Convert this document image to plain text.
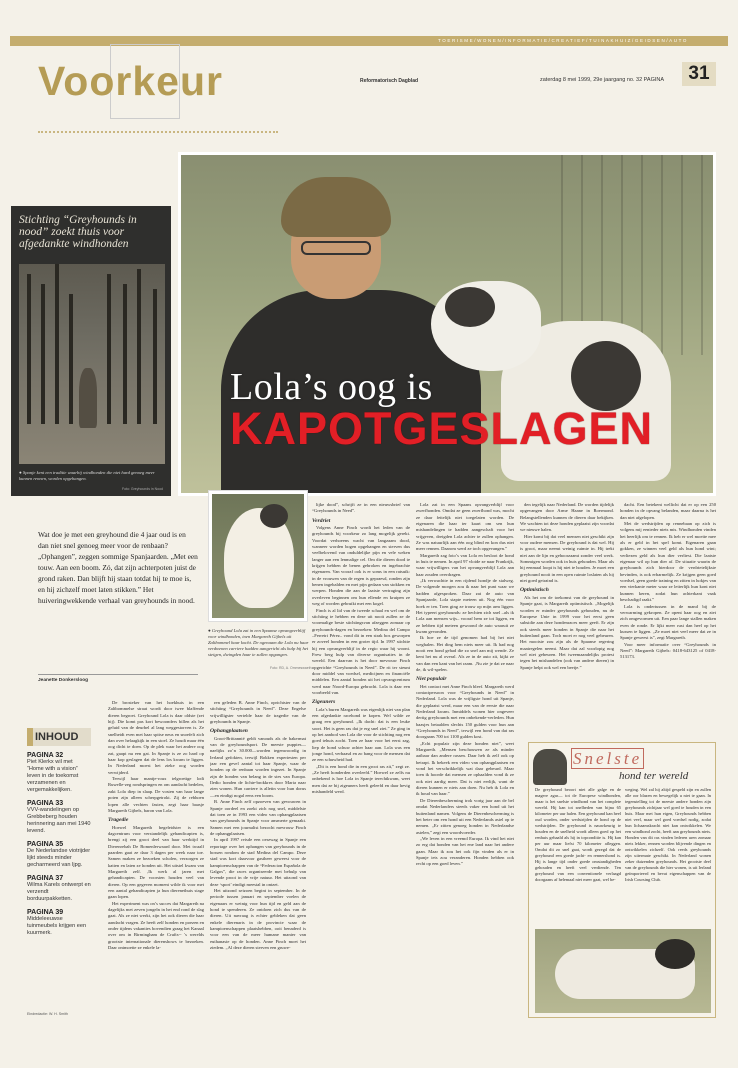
TOERISME/WONEN/INFORMATIE/CREATIEF/TUINAKHUIZ/GEIDSEN/AUTO
Voorkeur	Reformatorisch Dagblad	zaterdag 8 mei 1999, 29e jaargang no. 32 PAGINA	31
Stichting “Greyhounds in nood” zoekt thuis voor afgedankte windhonden
● Spanje kent een traditie waarbij windhonden die niet hard genoeg meer kunnen rennen, worden opgehangen.
Foto: Greyhounds in Nood
Lola’s oog is
KAPOTGESLAGEN
● Greyhound Lola zat in een Spaanse opvangverblijf voor windhonden, toen Margareth Gijbels uit Zaltbommel haar kocht. De ogenaam die Lola nu haar verdwenen carriere hadden aangericht als hulp bij het steigen, dwingden haar te zullen opgangen.
Foto: RD, A. Ommeswaeth
Wat doe je met een greyhound die 4 jaar oud is en dan niet snel genoeg meer voor de renbaan? „Ophangen”, zeggen sommige Spanjaarden. „Met een touw. Aan een boom. Zó, dat zijn achterpoten juist de grond raken. Dan blijft hij staan totdat hij te moe is, en hij zichzelf moet laten stikken.” Het huiveringwekkende verhaal van greyhounds in nood.
Jeanette Donkersloog
INHOUD
PAGINA 32
Piet Klerkx wil met “Home with a vision” leven in de toekomst verzamenen en vergemakkelijken.
PAGINA 33
VVV-wandelingen op Grebbeberg houden herinnering aan mei 1940 levend.
PAGINA 35
De Nederlandse viotrijder lijkt steeds minder gecharmeerd van ljpg.
PAGINA 37
Wilma Karels ontwerpt en verzendt borduurpakketten.
PAGINA 39
Middeleeuwse tuinmeubels krijgen een kuurmerk.
Eindredactie: W. H. Smith

De brosteker van het hoekhuis in een Zaltbommelse straat wordt door twee blaffende dieren begroet. Greyhound Lola is daar oldste (zet hij). Die komt pas kort bewoonders billen als het geluid van de deurbel al lang weggestorven is. Ze snelheidt even met haar spitse neus en snoefelt zich dan over helaagkijk in een stoel. Ze houdt maar één oog dicht te doen. Op de plek waar het andere oog zat, gaapt nu een gat. In Spanje is ze zo hard op haar kop geslagen dat de lens los kwam te liggen. In Nederland moest het zieke oog worden verwijderd.

Terwijl haar mantje-roux telgroetige lodi Ruwelle-zeg rondspringen en om aandacht bedelen, zakt Lola diep in slaap. De vosten van haar lange poten zijn alleen scherpgetrokt. Zij de rebhoen lopen alle vechten fasten, zegt haar baasje Margareth Gijbels, baron van Lola.

Tragedie

Hoewel Margareth begeleidster is een dagcentrum voor verstandelijk gehandicapten is, brengt zij een groot deel van haar werktijd in Dierenrebah De Bomenlerwaard door. Met twaalf paarden gaat ze daar 3 dagen per week naar toe. Samen maken ze bezoeken scholen, verzorgen ze katten en laten ze honden uit. Het uitstel kwam van Margareth zelf. ‚Ik werk al jaren met gehandicapten. De voorsten houden veel van dieren. Op een gegeven moment wilde ik voor met een aantal gehandicapten ja hun dierenethuis stage gaan lopen.

Het experiment was on’s succes dat Margareth na dagelijks met zeven jongeln in het end rond de slag gaat. Als ze niet werkt, zijn het ook dieren die haar aandacht vragen. Ze heeft zelf honden en poezen en onder tijdens vakanties bovendien graag het Kanaal over om in Birmingham de Crufts-- 's werelds grootste internationale dierenshows te bezoeken. Daar ontmoette ze enkele la-

ren geleden B. Anne Finch, oprichtster van de stichting “Greyhounds in Need”. Deze Engelse vrijwilligster vertelde haar de tragedie van de greyhounds in Spanje.

Ophangplaatsen

Groot-Brittannië geldt vanouds als de bakermat van de greyhoundsport. De meeste puppies—naelijks zo’n 30.000—worden tegenwoordig in Ierland gefokten, terwijl Bokken experiesten per jaar een gevel aantal tot haar Spanje, waar de honden op de renbaan worden ingezet. In Spanje zijn de honden van belang in de stes van Europa. Iledio honden de lichte-brokkres door Maria naar zien wonen. Hun carriere is alletin voor hun dorus—en eindigt nogal eens een boom.

B. Anne Finch zelf opzoeven van gevouwen in Spanje oordeel en zoekt zich nog snel, middelste dat toen ze in 1993 een video van ophangplaatsen van greyhounds in Spanje voor ansmerte gemaakt. Samen met een journalist bezocht mevrouw Finch de ophangplaatsen.

In april 1997 reisde een oerzwag in Spanje een reportage over het ophangen van greyhounds in de bossen rondom de stad Medina del Campo. Deze stad was kort daarvoor gastheer geweest voor de kampioenschappen van de “Federacion Española de Galgos”, die races organiseerde met behulp van levende prooi in de vrije natuur. Het uitzond van deze ‘sport’ eindigt meestal in ontzet.

Het uitzond seizoen begint in september. In de periode tussen januari en september voelen de eigenaars er weinig voor hun tijd en geld aan de hond te spenderen. Ze ontdoen zich dus van de dieren. Uit navraag is echter gebleken dat geen enkele dierenarts in de provincie waar de kampioenschappen plaatshebben, ooit benaderd is voor een van de meer humane manier van euthanasie op de honden. Anne Finch moet het ziedem. „Al deze dieren sterven een gruwe-

lijke dood”, schrijft ze in een nieuwsbrief van “Greyhounds in Need”.

Verdriet

Volgens Anne Finch wordt het leden van de greyhounds bij voorkeur zo lang mogelijk gerekt. Voordat verhoeens wacht van langzaam dood, wanneer worden bogen opgehangen en sterven dus veelbelovend van onduldelijke pijn en vele weken langer aan een lenmalige cel. Om die dieren dood te krijgen hebben de benen gebroken en ingebrachte eigenaren. Van vooraf ook is er soms in een ratsuik: in de vrouwen van de regen is gepraesd, ronden zijn benen ingebalden en met pijn gedaan van stokken en werpen. Honden die aan de laatste vertraging zijn overleven beginnen om hun ellende en kruipen ze weg of worden gebruikt met een kogel.

Finch is al lid van de tweede schaal en wel om de stichting te hebben en deze uit nooit zullen ze de voormalige beste stichtingsvan afzeggen zomaar op greyhounds-dagen en bezoeken: Medina del Campo –Ferretri Pérez– vond dit in een strak bos geworpen er zoveel honden in een groter tijd. In 1997 stichtte hij een opvangverblijf in de regio waar hij woont. Frew berg hulp van diverse organisaties in de wereld. Een daarvan is het door mevrouw Finch opgerichte “Greyhounds in Need”. De rit ter steunt door middel van voedsel, medicijnen en financiële middelen. Een aantal honden uit het opvangcentrum werd naar Noord-Europa gebracht. Lola is daar een voorbeeld van.

Zigeuners

Lola’s buren Margareth was eigenlijk niet van plan een afgedankte racehond te kopen. Wel wilde ze graag een greyhound. „Ik dacht: dat is een leuke soort. Het is geen ras dat je erg snel ziet.” Ze ging in op het aanbod van Lola die voor de stichting nog een goed tehuis zocht. Toen ze haar voor het eerst zag, liep de hond schuw achter haar aan. Lola was een jonge hond, verbaasd en zo bang voor de mensen dat ze een schuwheid had.

„Dit is een hond die in een groot ras zit,” zegt ze. „Ze heeft honderden overleefd.” Hoewel ze zelfs nu onbekend is hoe Lola in Spanje terechtkwam, weet men dat ze bij zigeuners heeft geleefd en daar hevig mishandeld werd.

Lola zat in een Spaans opvangverblijf voor zwerfhonden. Omdat ze geen zwerfhond was, mocht ze daar feitelijk niet toegelaten worden. De eigenaren die haar ter kaart om sen hun mishandelingen te hadden aangeschaft voor het vrijgeven, dreigden Lola achter te zullen ophangen. Ze was natuurlijk aan één oog blind en kon dus niet meer rennen. Daarom werd ze toch opgevangen.”

Margareth zag foto’s van Lola en besloot de hond in huis te nemen. In april 97 vloide ze naar Frankrijk, waar vrijwilligers van het opvangverblijf Lola aan haar zouden overdragen.

„Ik verwachtte in een rijdend hondje de stalweg. De volgende morgen zou ik naar het punt waar we hadden afgesproken. Daar zat de auto van Spanjaarde, Lola stapte meteen uit. Nog één voor hoek er ten. Toen ging ze trouw op mijn arm liggen. Het typeert greyhounds: ze hechten zich snel –als ik Lola aan mensen wijs– vooraf hem ze tot liggen, en ze hebben tijd meteen gewoond de auto waaruit ze kwam gevonden.

Ik hoe ze de tijd genomen had bij het niet weghalen. Het ding hem niets meer uit. Ik had nog nooit een hond gehad die zo snel aan mij wende. Ze kent het nu al overal. Als ze in de auto zit, kijkt ze van dan een kant van het raam. ‚Nu zie je dat ze naar de, ik wil-spelen.

Niet populair

Het contact met Anne Finch bleef. Margareth werd contactpersoon voor “Greyhounds in Need” in Nederland. Lola was de vrijligste hond uit Spanje, die geplaatst werd, maar een van de eerste die naar Nederland kwam. Inmiddels wonen hier ongeveer dertig greyhounds met een onbekende-verleden. Hun baasjes betaalden slechts 150 gulden voor hun aan “Greyhounds in Need”, terwijl een hond van dat ras doorgaans 700 tot 1100 gulden kost.

„Echt populair zijn deze honden niet”, weet Margareth. „Mensen beschouwen ze als minder aaibaar dan andere rassen. Daar heb ik zelf ook op betrapt. Ik bekeek een video van ophangplaatsen en vond het verschrikkelijk wat daar gebeurd. Maar toen ik hoorde dat mensen ze ophaalden vond ik ze ook niet aardig meer. Dat is niet eerlijk, want de dieren kunnen er niets aan doen. Nu heb ik Lola en ik houd van haar.”

De Dierenbescherming trok vorig jaar aan de bel omdat Nederlanders steeds vaker een hond uit het buitenland namen. Volgens de Dierenbescherming is het beter om een hond uit een Nederlands asiel op te nemen. „Er zitten genoeg honden in Nederlandse asielen,” zegt een woordvoerder.

„We leven in een vreemd Europa. Ik vind het niet zo erg dat honden van het ene land naar het andere gaan. Maar ik zou het ook fijn vinden als er in Spanje iets zou veranderen. Honden hebben ook recht op een goed leven.”

den tegelijk naar Nederland. De worden tijdelijk opgevangen door Arme Haane in Roermond. Belangstellenden kunnen de dieren daar bekijken. We wachten tot deze honden geplaatst zijn voordat we nieuwe halen.

Hier komt bij dat veel mensen niet geschikt zijn voor oudere mensen. De greyhound is dat wel. Hij is groot, maar neemt weinig ruimte in. Hij trekt niet aan de lijn en gehoorzaamt zonder veel werk. Sommigen worden ook in huis gehouden. Maar als hij eenmaal loopt is hij niet te houden. Je moet een greyhound nooit in een open ruimte loslaten als hij niet goed getraind is.

Optimistisch

Als het om de toekomst van de greyhound in Spanje gaat, is Margareth optimistisch. „Mogelijk worden er minder greyhounds gehouden, nu de Europese Unie in 1999 voor het eerst geen subsidie aan deze hondenraces meer geeft. Er zijn ook steeds meer honden in Spanje die naar het buitenland gaan. Toch moet er nog veel gebeuren. Het mooiste zou zijn als de Spaanse regering maatregelen neemt. Maar dat zal voorlopig nog wel niet gebeuren. Het tweemaandelijks protest tegen het mishandelen (ook van andere dieren) in Spanje helpt ook wel een beetje.”

dacht. Een betekent wellicht dat er op een 250 honden in de opvang belanden, maar daarna is het dan niet afgelopen.

Met de wedstrijden op rennebaan op zich is volgens mij eenieder niets mis. Windhonden vinden het heerlijk om te rennen. Ik heb er wel moeite mee als er geld in het spel komt. Eigenaren gaan gokken, ze winnen veel geld als hun hond wint; verliezen geld als hun dier verliest. Die laatste eigenaar wil op hun dier af. De situatie waarin de greyhounds zich hierdoor de verdrietelijkste bevinden, is ook erbarmelijk. Ze krijgen geen goed voedsel, geen goede training en zitten in hokjes van een vierkante meter waar ze letterlijk hun kont niet kunnen keren, zodat hun achterkant vaak beschadigd raakt.”

Lola is ondertussen in de mand bij de verwarming gekropen. Ze opent haar oog en ziet zich omgevormen uit. Een paar lange stallen maken even de ronde. Er lijkt meer rust dan heel op het kussen te liggen. „Ze moet niet veel meer dat ze in Spanje geweest is”, zegt Margareth.

Voor meer informatie over “Greyhounds in Need”: Margareth Gijbels: 0418-643125 of 0418-513173.

Snelste
hond ter wereld
De greyhound beoort niet alle galge en de magere agar— tot de Europese windhonden, maar is het snelste windhond van het complete wereld. Hij kan tot snelheden van bijna 65 kilometer per uur halen. Een greyhound kan heel oud worden, onder wedstrijden de hond op de wedstrijden. De greyhound is nauwkeurig te houden en de snelheid wordt alleen goed op het renhuis gehaald als hij in topconditie is. Hij kan per uur maar liefst 70 kilometer afleggen. Omdat dit zo snel gaat, wordt gezegd dat de greyhound een goede jacht- en rennershond is. Hij is lange tijd onder goede omstandigheden gehouden en heeft veel verdiende. Ten greyhound van een conventionele verlaagd doorgaans af helemaal niet meer gaat, wel be-
weging. Wel zal hij altijd gespeld zijn en zullen alle oor blazen en bewegelijk u niet te gaan. In tegenstelling tot de meeste andere honden zijn greyhounds zichtjaar wel goed te houden in een huis. Maar met hun eigen, Greyhounds hebben niet veel, maar wel goed voedsel nodig, zodat hun lichaamskracht niet kan ontwikkelen. We een windhond zocht, heeft aan greyhounds niets. Honden van dit ras vinden lederen uren zomaar niets lekker, rennen worden blijvende dingen en ontwikkelen zichzelf. Ook reeds greyhounds zijn uitermate geschikt. In Nederland wonen zeker duizenden greyhounds. Het grootste deel van de greyhounds die hier wonen, is uit Ierland geïmporteerd en bevat eigenschappen van de Irish Coursing Club.
